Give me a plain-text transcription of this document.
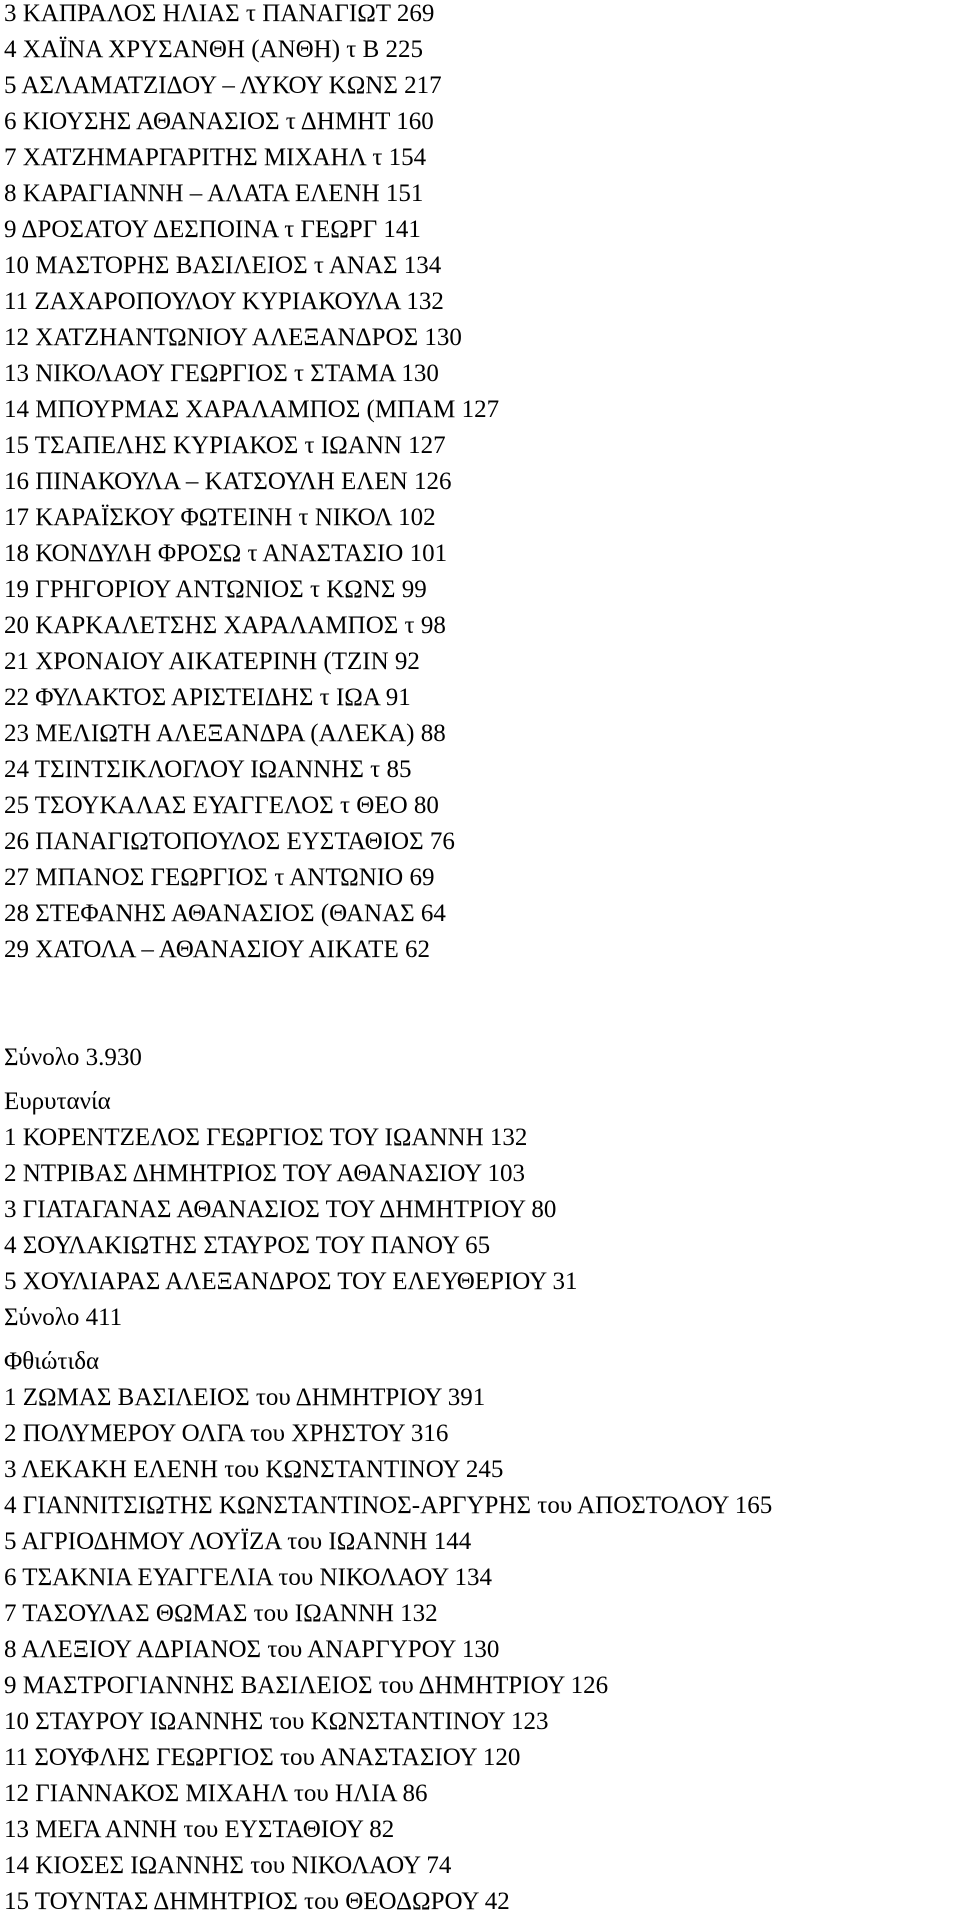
3 ΚΑΠΡΑΛΟΣ ΗΛΙΑΣ τ ΠΑΝΑΓΙΩΤ 269
4 ΧΑΪΝΑ ΧΡΥΣΑΝΘΗ (ΑΝΘΗ) τ Β 225
5 ΑΣΛΑΜΑΤΖΙΔΟΥ – ΛΥΚΟΥ ΚΩΝΣ 217
6 ΚΙΟΥΣΗΣ ΑΘΑΝΑΣΙΟΣ τ ΔΗΜΗΤ 160
7 ΧΑΤΖΗΜΑΡΓΑΡΙΤΗΣ ΜΙΧΑΗΛ τ 154
8 ΚΑΡΑΓΙΑΝΝΗ – ΑΛΑΤΑ ΕΛΕΝΗ 151
9 ΔΡΟΣΑΤΟΥ ΔΕΣΠΟΙΝΑ τ ΓΕΩΡΓ 141
10 ΜΑΣΤΟΡΗΣ ΒΑΣΙΛΕΙΟΣ τ ΑΝΑΣ 134
11 ΖΑΧΑΡΟΠΟΥΛΟΥ ΚΥΡΙΑΚΟΥΛΑ 132
12 ΧΑΤΖΗΑΝΤΩΝΙΟΥ ΑΛΕΞΑΝΔΡΟΣ 130
13 ΝΙΚΟΛΑΟΥ ΓΕΩΡΓΙΟΣ τ ΣΤΑΜΑ 130
14 ΜΠΟΥΡΜΑΣ ΧΑΡΑΛΑΜΠΟΣ (ΜΠΑΜ 127
15 ΤΣΑΠΕΛΗΣ ΚΥΡΙΑΚΟΣ τ ΙΩΑΝΝ 127
16 ΠΙΝΑΚΟΥΛΑ – ΚΑΤΣΟΥΛΗ ΕΛΕΝ 126
17 ΚΑΡΑΪΣΚΟΥ ΦΩΤΕΙΝΗ τ ΝΙΚΟΛ 102
18 ΚΟΝΔΥΛΗ ΦΡΟΣΩ τ ΑΝΑΣΤΑΣΙΟ 101
19 ΓΡΗΓΟΡΙΟΥ ΑΝΤΩΝΙΟΣ τ ΚΩΝΣ 99
20 ΚΑΡΚΑΛΕΤΣΗΣ ΧΑΡΑΛΑΜΠΟΣ τ 98
21 ΧΡΟΝΑΙΟΥ ΑΙΚΑΤΕΡΙΝΗ (ΤΖΙΝ 92
22 ΦΥΛΑΚΤΟΣ ΑΡΙΣΤΕΙΔΗΣ τ ΙΩΑ 91
23 ΜΕΛΙΩΤΗ ΑΛΕΞΑΝΔΡΑ (ΑΛΕΚΑ) 88
24 ΤΣΙΝΤΣΙΚΛΟΓΛΟΥ ΙΩΑΝΝΗΣ τ 85
25 ΤΣΟΥΚΑΛΑΣ ΕΥΑΓΓΕΛΟΣ τ ΘΕΟ 80
26 ΠΑΝΑΓΙΩΤΟΠΟΥΛΟΣ ΕΥΣΤΑΘΙΟΣ 76
27 ΜΠΑΝΟΣ ΓΕΩΡΓΙΟΣ τ ΑΝΤΩΝΙΟ 69
28 ΣΤΕΦΑΝΗΣ ΑΘΑΝΑΣΙΟΣ (ΘΑΝΑΣ 64
29 ΧΑΤΟΛΑ – ΑΘΑΝΑΣΙΟΥ ΑΙΚΑΤΕ 62
Σύνολο 3.930
Ευρυτανία
1 ΚΟΡΕΝΤΖΕΛΟΣ ΓΕΩΡΓΙΟΣ ΤΟΥ ΙΩΑΝΝΗ 132
2 ΝΤΡΙΒΑΣ ΔΗΜΗΤΡΙΟΣ ΤΟΥ ΑΘΑΝΑΣΙΟΥ 103
3 ΓΙΑΤΑΓΑΝΑΣ ΑΘΑΝΑΣΙΟΣ ΤΟΥ ΔΗΜΗΤΡΙΟΥ 80
4 ΣΟΥΛΑΚΙΩΤΗΣ ΣΤΑΥΡΟΣ ΤΟΥ ΠΑΝΟΥ 65
5 ΧΟΥΛΙΑΡΑΣ ΑΛΕΞΑΝΔΡΟΣ ΤΟΥ ΕΛΕΥΘΕΡΙΟΥ 31
Σύνολο 411
Φθιώτιδα
1 ΖΩΜΑΣ ΒΑΣΙΛΕΙΟΣ του ΔΗΜΗΤΡΙΟΥ 391
2 ΠΟΛΥΜΕΡΟΥ ΟΛΓΑ του ΧΡΗΣΤΟΥ 316
3 ΛΕΚΑΚΗ ΕΛΕΝΗ του ΚΩΝΣΤΑΝΤΙΝΟΥ 245
4 ΓΙΑΝΝΙΤΣΙΩΤΗΣ ΚΩΝΣΤΑΝΤΙΝΟΣ-ΑΡΓΥΡΗΣ του ΑΠΟΣΤΟΛΟΥ 165
5 ΑΓΡΙΟΔΗΜΟΥ ΛΟΥΪΖΑ του ΙΩΑΝΝΗ 144
6 ΤΣΑΚΝΙΑ ΕΥΑΓΓΕΛΙΑ του ΝΙΚΟΛΑΟΥ 134
7 ΤΑΣΟΥΛΑΣ ΘΩΜΑΣ του ΙΩΑΝΝΗ 132
8 ΑΛΕΞΙΟΥ ΑΔΡΙΑΝΟΣ του ΑΝΑΡΓΥΡΟΥ 130
9 ΜΑΣΤΡΟΓΙΑΝΝΗΣ ΒΑΣΙΛΕΙΟΣ του ΔΗΜΗΤΡΙΟΥ 126
10 ΣΤΑΥΡΟΥ ΙΩΑΝΝΗΣ του ΚΩΝΣΤΑΝΤΙΝΟΥ 123
11 ΣΟΥΦΛΗΣ ΓΕΩΡΓΙΟΣ του ΑΝΑΣΤΑΣΙΟΥ 120
12 ΓΙΑΝΝΑΚΟΣ ΜΙΧΑΗΛ του ΗΛΙΑ 86
13 ΜΕΓΑ ΑΝΝΗ του ΕΥΣΤΑΘΙΟΥ 82
14 ΚΙΟΣΕΣ ΙΩΑΝΝΗΣ του ΝΙΚΟΛΑΟΥ 74
15 ΤΟΥΝΤΑΣ ΔΗΜΗΤΡΙΟΣ του ΘΕΟΔΩΡΟΥ 42
